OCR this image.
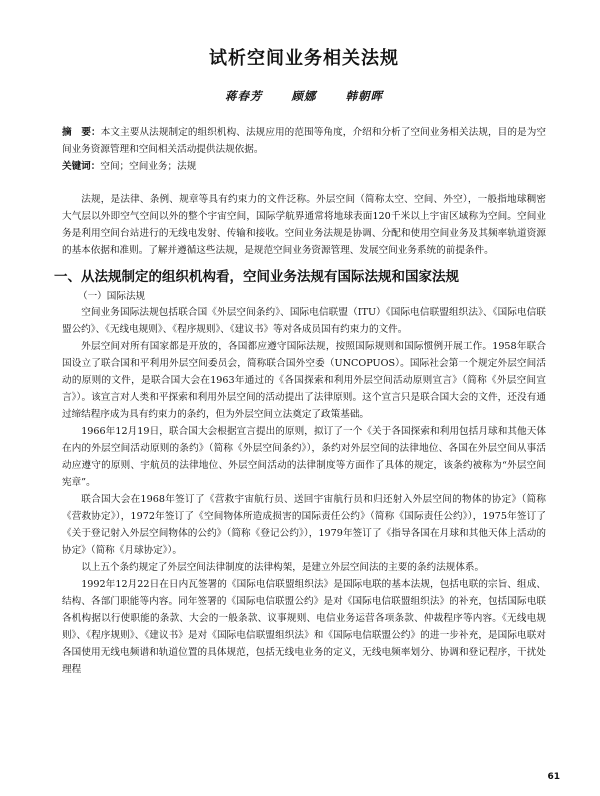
试析空间业务相关法规
蒋春芳	顾娜	韩朝晖
摘　要：本文主要从法规制定的组织机构、法规应用的范围等角度，介绍和分析了空间业务相关法规，目的是为空间业务资源管理和空间相关活动提供法规依据。
关键词：空间；空间业务；法规

法规，是法律、条例、规章等具有约束力的文件泛称。外层空间（简称太空、空间、外空），一般指地球稠密大气层以外即空气空间以外的整个宇宙空间，国际学航界通常将地球表面120千米以上宇宙区域称为空间。空间业务是利用空间台站进行的无线电发射、传输和接收。空间业务法规是协调、分配和使用空间业务及其频率轨道资源的基本依据和准则。了解并遵循这些法规，是规范空间业务资源管理、发展空间业务系统的前提条件。

一、从法规制定的组织机构看，空间业务法规有国际法规和国家法规
（一）国际法规

空间业务国际法规包括联合国《外层空间条约》、国际电信联盟（ITU）《国际电信联盟组织法》、《国际电信联盟公约》、《无线电规则》、《程序规则》、《建议书》等对各成员国有约束力的文件。

外层空间对所有国家都是开放的，各国都应遵守国际法规，按照国际规则和国际惯例开展工作。1958年联合国设立了联合国和平利用外层空间委员会，简称联合国外空委（UNCOPUOS）。国际社会第一个规定外层空间活动的原则的文件，是联合国大会在1963年通过的《各国探索和利用外层空间活动原则宣言》（简称《外层空间宣言》）。该宣言对人类和平探索和利用外层空间的活动提出了法律原则。这个宣言只是联合国大会的文件，还没有通过缔结程序成为具有约束力的条约，但为外层空间立法奠定了政策基础。

1966年12月19日，联合国大会根据宣言提出的原则，拟订了一个《关于各国探索和利用包括月球和其他天体在内的外层空间活动原则的条约》（简称《外层空间条约》），条约对外层空间的法律地位、各国在外层空间从事活动应遵守的原则、宇航员的法律地位、外层空间活动的法律制度等方面作了具体的规定，该条约被称为“外层空间宪章”。

联合国大会在1968年签订了《营救宇宙航行员、送回宇宙航行员和归还射入外层空间的物体的协定》（简称《营救协定》），1972年签订了《空间物体所造成损害的国际责任公约》（简称《国际责任公约》），1975年签订了《关于登记射入外层空间物体的公约》（简称《登记公约》），1979年签订了《指导各国在月球和其他天体上活动的协定》（简称《月球协定》）。

以上五个条约规定了外层空间法律制度的法律构架，是建立外层空间法的主要的条约法规体系。

1992年12月22日在日内瓦签署的《国际电信联盟组织法》是国际电联的基本法规，包括电联的宗旨、组成、结构、各部门职能等内容。同年签署的《国际电信联盟公约》是对《国际电信联盟组织法》的补充，包括国际电联各机构据以行使职能的条款、大会的一般条款、议事规则、电信业务运营各项条款、仲裁程序等内容。《无线电规则》、《程序规则》、《建议书》是对《国际电信联盟组织法》和《国际电信联盟公约》的进一步补充，是国际电联对各国使用无线电频谱和轨道位置的具体规范，包括无线电业务的定义，无线电频率划分、协调和登记程序，干扰处理程

61
